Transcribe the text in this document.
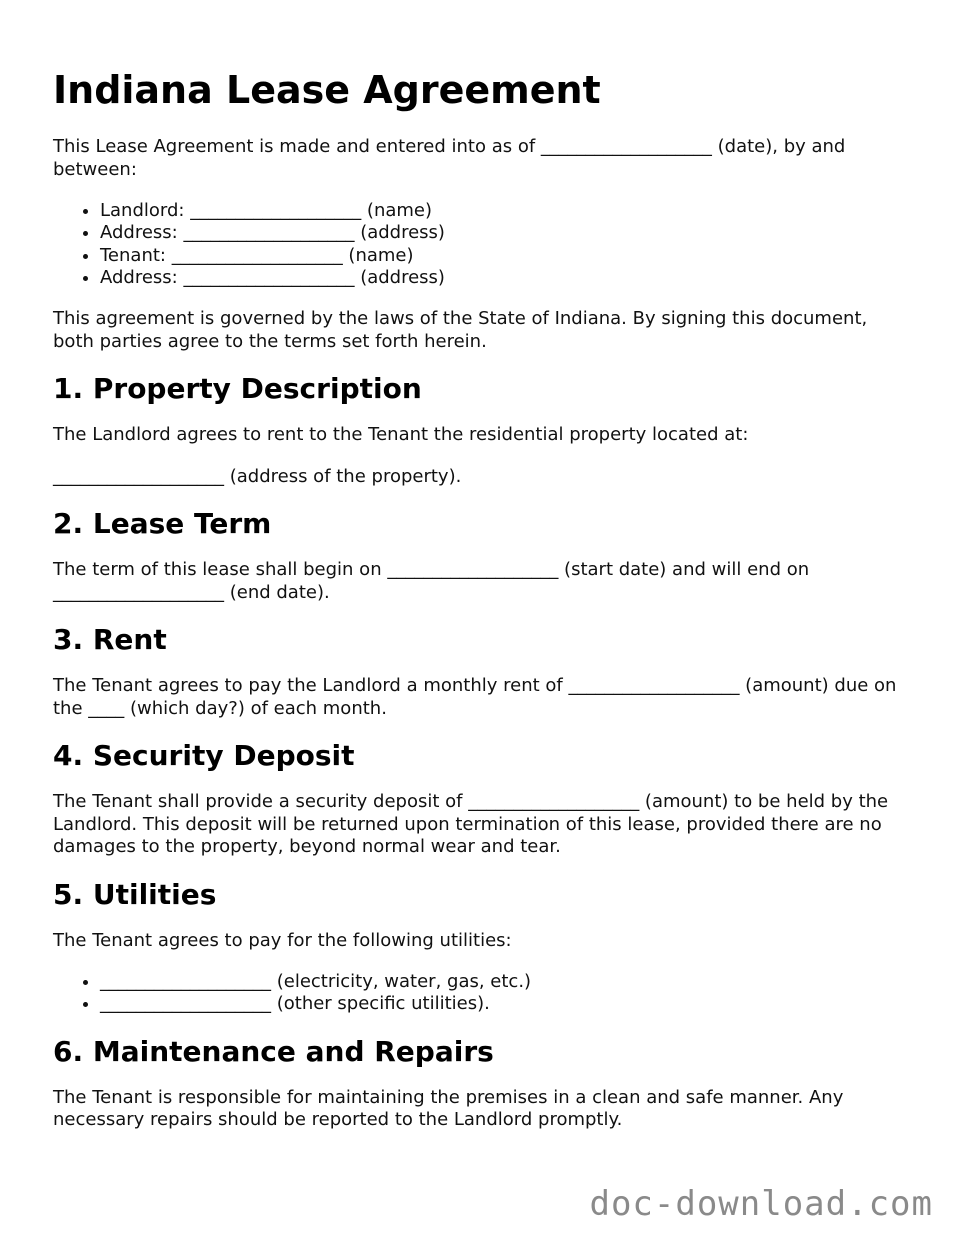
Indiana Lease Agreement

This Lease Agreement is made and entered into as of ___________________ (date), by and between:

• Landlord: ___________________ (name)
• Address: ___________________ (address)
• Tenant: ___________________ (name)
• Address: ___________________ (address)

This agreement is governed by the laws of the State of Indiana. By signing this document, both parties agree to the terms set forth herein.

1. Property Description

The Landlord agrees to rent to the Tenant the residential property located at:

___________________ (address of the property).

2. Lease Term

The term of this lease shall begin on ___________________ (start date) and will end on ___________________ (end date).

3. Rent

The Tenant agrees to pay the Landlord a monthly rent of ___________________ (amount) due on the ____ (which day?) of each month.

4. Security Deposit

The Tenant shall provide a security deposit of ___________________ (amount) to be held by the Landlord. This deposit will be returned upon termination of this lease, provided there are no damages to the property, beyond normal wear and tear.

5. Utilities

The Tenant agrees to pay for the following utilities:

• ___________________ (electricity, water, gas, etc.)
• ___________________ (other specific utilities).
6. Maintenance and Repairs

The Tenant is responsible for maintaining the premises in a clean and safe manner. Any necessary repairs should be reported to the Landlord promptly.

doc-download.com
